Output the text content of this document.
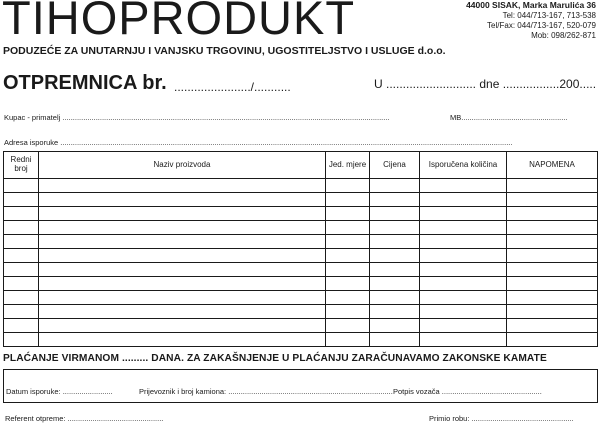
TIHOPRODUKT	44000 SISAK, Marka Marulića 36
Tel: 044/713-167, 713-538
Tel/Fax: 044/713-167, 520-079
Mob: 098/262-871
PODUZEĆE ZA UNUTARNJU I VANJSKU TRGOVINU, UGOSTITELJSTVO I USLUGE d.o.o.
OTPREMNICA br. ......................./...........	U ........................... dne .................200.....
Kupac - primatelj .............................................................................................................................................................	MB...................................................
Adresa isporuke .........................................................................................................................................................................................................................
Redni broj	Naziv proizvoda	Jed. mjere	Cijena	Isporučena količina	NAPOMENA

PLAĆANJE VIRMANOM ......... DANA. ZA ZAKAŠNJENJE U PLAĆANJU ZARAČUNAVAMO ZAKONSKE KAMATE
Datum isporuke: ........................	Prijevoznik i broj kamiona: ............................................................................... Potpis vozača ................................................
Referent otpreme: ..............................................	Primio robu: .................................................
